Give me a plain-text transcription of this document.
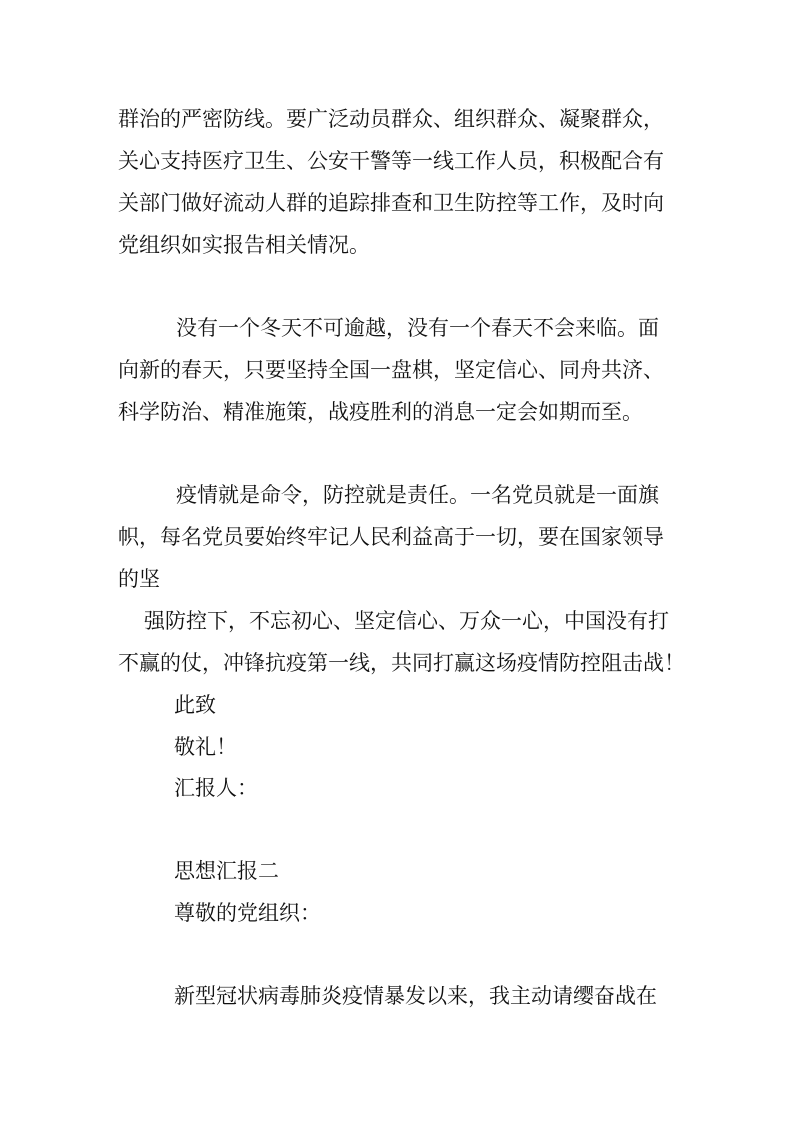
群治的严密防线。要广泛动员群众、组织群众、凝聚群众，
关心支持医疗卫生、公安干警等一线工作人员，积极配合有
关部门做好流动人群的追踪排查和卫生防控等工作，及时向
党组织如实报告相关情况。
没有一个冬天不可逾越，没有一个春天不会来临。面
向新的春天，只要坚持全国一盘棋，坚定信心、同舟共济、
科学防治、精准施策，战疫胜利的消息一定会如期而至。
疫情就是命令，防控就是责任。一名党员就是一面旗
帜，每名党员要始终牢记人民利益高于一切，要在国家领导
的坚
强防控下，不忘初心、坚定信心、万众一心，中国没有打
不赢的仗，冲锋抗疫第一线，共同打赢这场疫情防控阻击战！
此致
敬礼！
汇报人：
思想汇报二
尊敬的党组织：
新型冠状病毒肺炎疫情暴发以来，我主动请缨奋战在
